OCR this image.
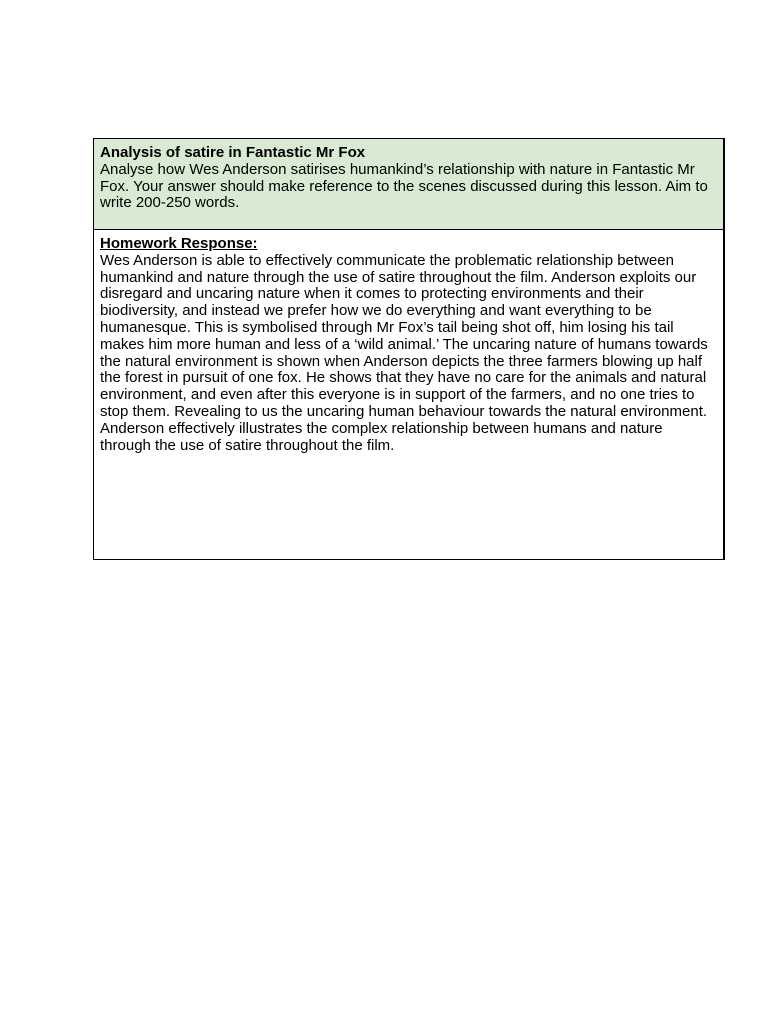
Analysis of satire in Fantastic Mr Fox

Analyse how Wes Anderson satirises humankind’s relationship with nature in Fantastic Mr Fox. Your answer should make reference to the scenes discussed during this lesson. Aim to write 200-250 words.

Homework Response:

Wes Anderson is able to effectively communicate the problematic relationship between humankind and nature through the use of satire throughout the film. Anderson exploits our disregard and uncaring nature when it comes to protecting environments and their biodiversity, and instead we prefer how we do everything and want everything to be humanesque. This is symbolised through Mr Fox’s tail being shot off, him losing his tail makes him more human and less of a ‘wild animal.’ The uncaring nature of humans towards the natural environment is shown when Anderson depicts the three farmers blowing up half the forest in pursuit of one fox. He shows that they have no care for the animals and natural environment, and even after this everyone is in support of the farmers, and no one tries to stop them. Revealing to us the uncaring human behaviour towards the natural environment. Anderson effectively illustrates the complex relationship between humans and nature through the use of satire throughout the film.
